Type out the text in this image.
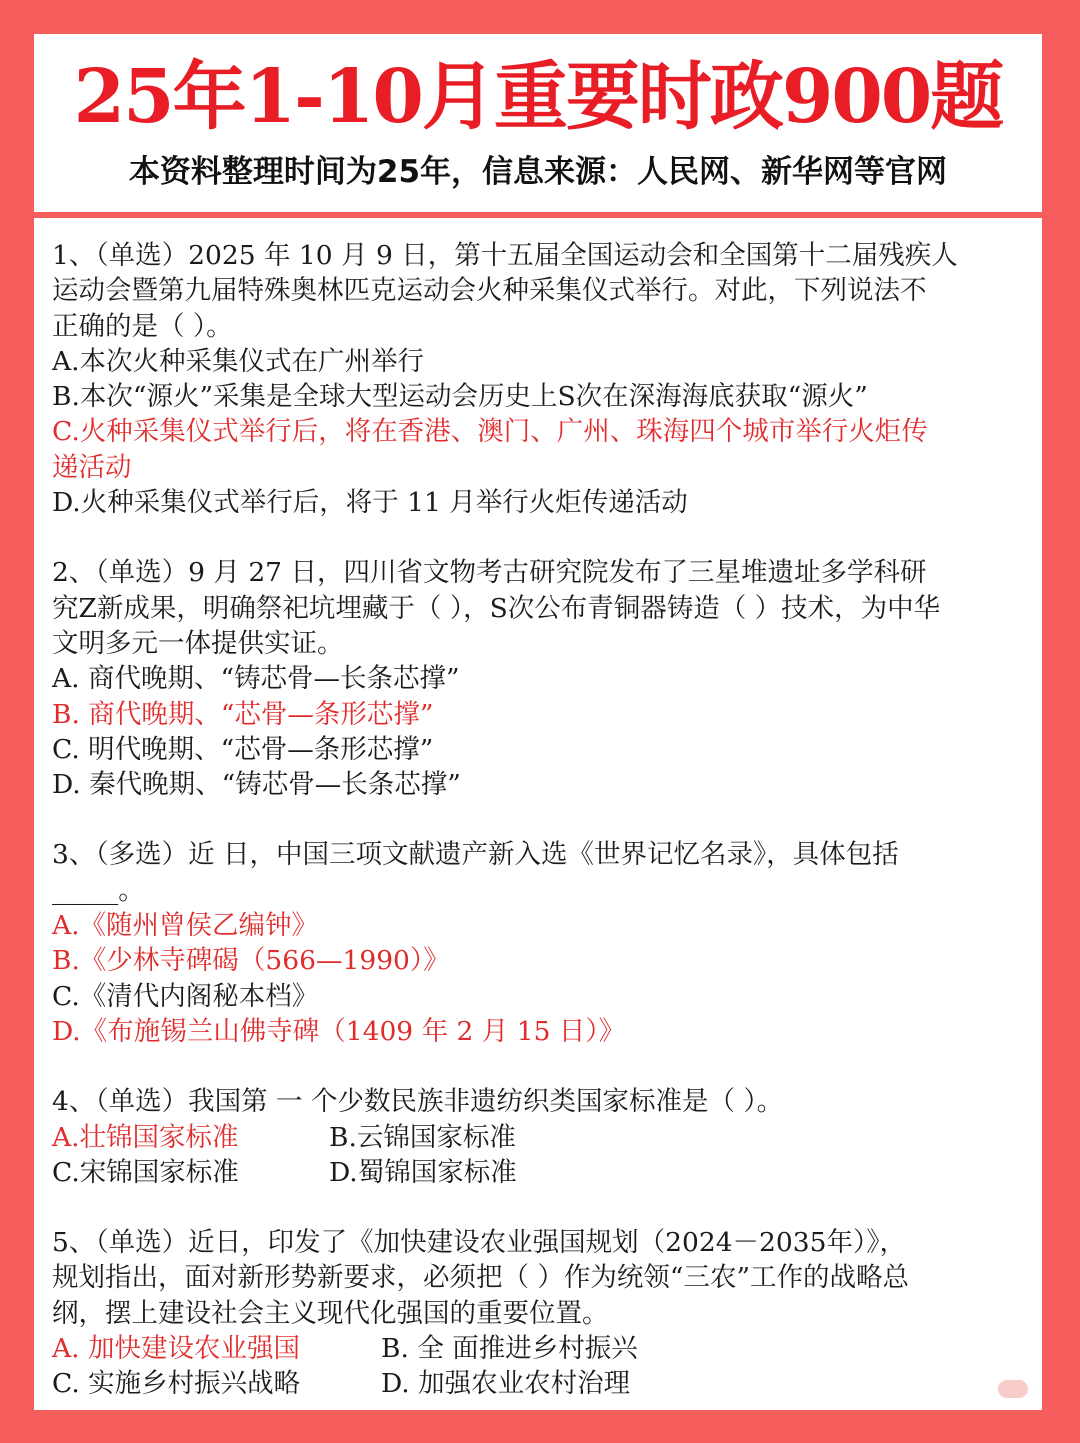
25年1-10月重要时政900题
本资料整理时间为25年，信息来源：人民网、新华网等官网

1、（单选）2025 年 10 月 9 日，第十五届全国运动会和全国第十二届残疾人

运动会暨第九届特殊奥林匹克运动会火种采集仪式举行。对此，下列说法不

正确的是（ ）。

A.本次火种采集仪式在广州举行

B.本次“源火”采集是全球大型运动会历史上S次在深海海底获取“源火”

C.火种采集仪式举行后，将在香港、澳门、广州、珠海四个城市举行火炬传

递活动

D.火种采集仪式举行后，将于 11 月举行火炬传递活动

2、（单选）9 月 27 日，四川省文物考古研究院发布了三星堆遗址多学科研

究Z新成果，明确祭祀坑埋藏于（ ），S次公布青铜器铸造（ ）技术，为中华

文明多元一体提供实证。

A. 商代晚期、“铸芯骨—长条芯撑”

B. 商代晚期、“芯骨—条形芯撑”

C. 明代晚期、“芯骨—条形芯撑”

D. 秦代晚期、“铸芯骨—长条芯撑”

3、（多选）近 日，中国三项文献遗产新入选《世界记忆名录》，具体包括

_____。

A.《随州曾侯乙编钟》

B.《少林寺碑碣（566—1990）》

C.《清代内阁秘本档》

D.《布施锡兰山佛寺碑（1409 年 2 月 15 日）》

4、（单选）我国第 一 个少数民族非遗纺织类国家标准是（ ）。

A.壮锦国家标准	B.云锦国家标准
C.宋锦国家标准	D.蜀锦国家标准

5、（单选）近日，印发了《加快建设农业强国规划（2024－2035年）》，

规划指出，面对新形势新要求，必须把（ ）作为统领“三农”工作的战略总

纲，摆上建设社会主义现代化强国的重要位置。

A. 加快建设农业强国	B. 全 面推进乡村振兴
C. 实施乡村振兴战略	D. 加强农业农村治理
